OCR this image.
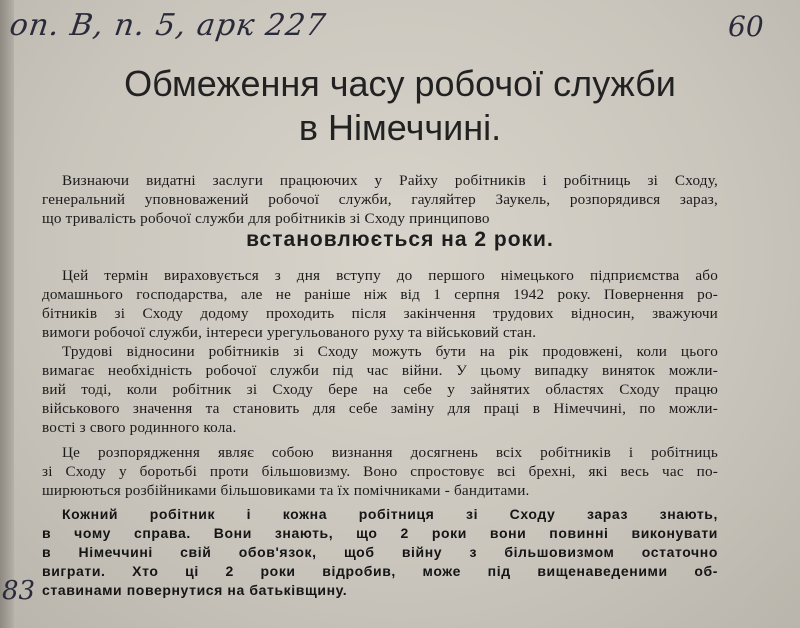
оп. В, п. 5, арк 227	60
83
Обмеження часу робочої служби
в Німеччині.
Визнаючи видатні заслуги працюючих у Райху робітників і робітниць зі Сходу,
генеральний уповноважений робочої служби, гауляйтер Заукель, розпорядився зараз,
що тривалість робочої служби для робітників зі Сходу принципово
встановлюється на 2 роки.
Цей термін вираховується з дня вступу до першого німецького підприємства або
домашнього господарства, але не раніше ніж від 1 серпня 1942 року. Повернення ро-
бітників зі Сходу додому проходить після закінчення трудових відносин, зважуючи
вимоги робочої служби, інтереси урегульованого руху та військовий стан.
Трудові відносини робітників зі Сходу можуть бути на рік продовжені, коли цього
вимагає необхідність робочої служби під час війни. У цьому випадку виняток можли-
вий тоді, коли робітник зі Сходу бере на себе у зайнятих областях Сходу працю
військового значення та становить для себе заміну для праці в Німеччині, по можли-
вості з свого родинного кола.
Це розпорядження являє собою визнання досягнень всіх робітників і робітниць
зі Сходу у боротьбі проти більшовизму. Воно спростовує всі брехні, які весь час по-
ширюються розбійниками більшовиками та їх помічниками - бандитами.
Кожний робітник і кожна робітниця зі Сходу зараз знають,
в чому справа. Вони знають, що 2 роки вони повинні виконувати
в Німеччині свій обов'язок, щоб війну з більшовизмом остаточно
виграти. Хто ці 2 роки відробив, може під вищенаведеними об-
ставинами повернутися на батьківщину.
